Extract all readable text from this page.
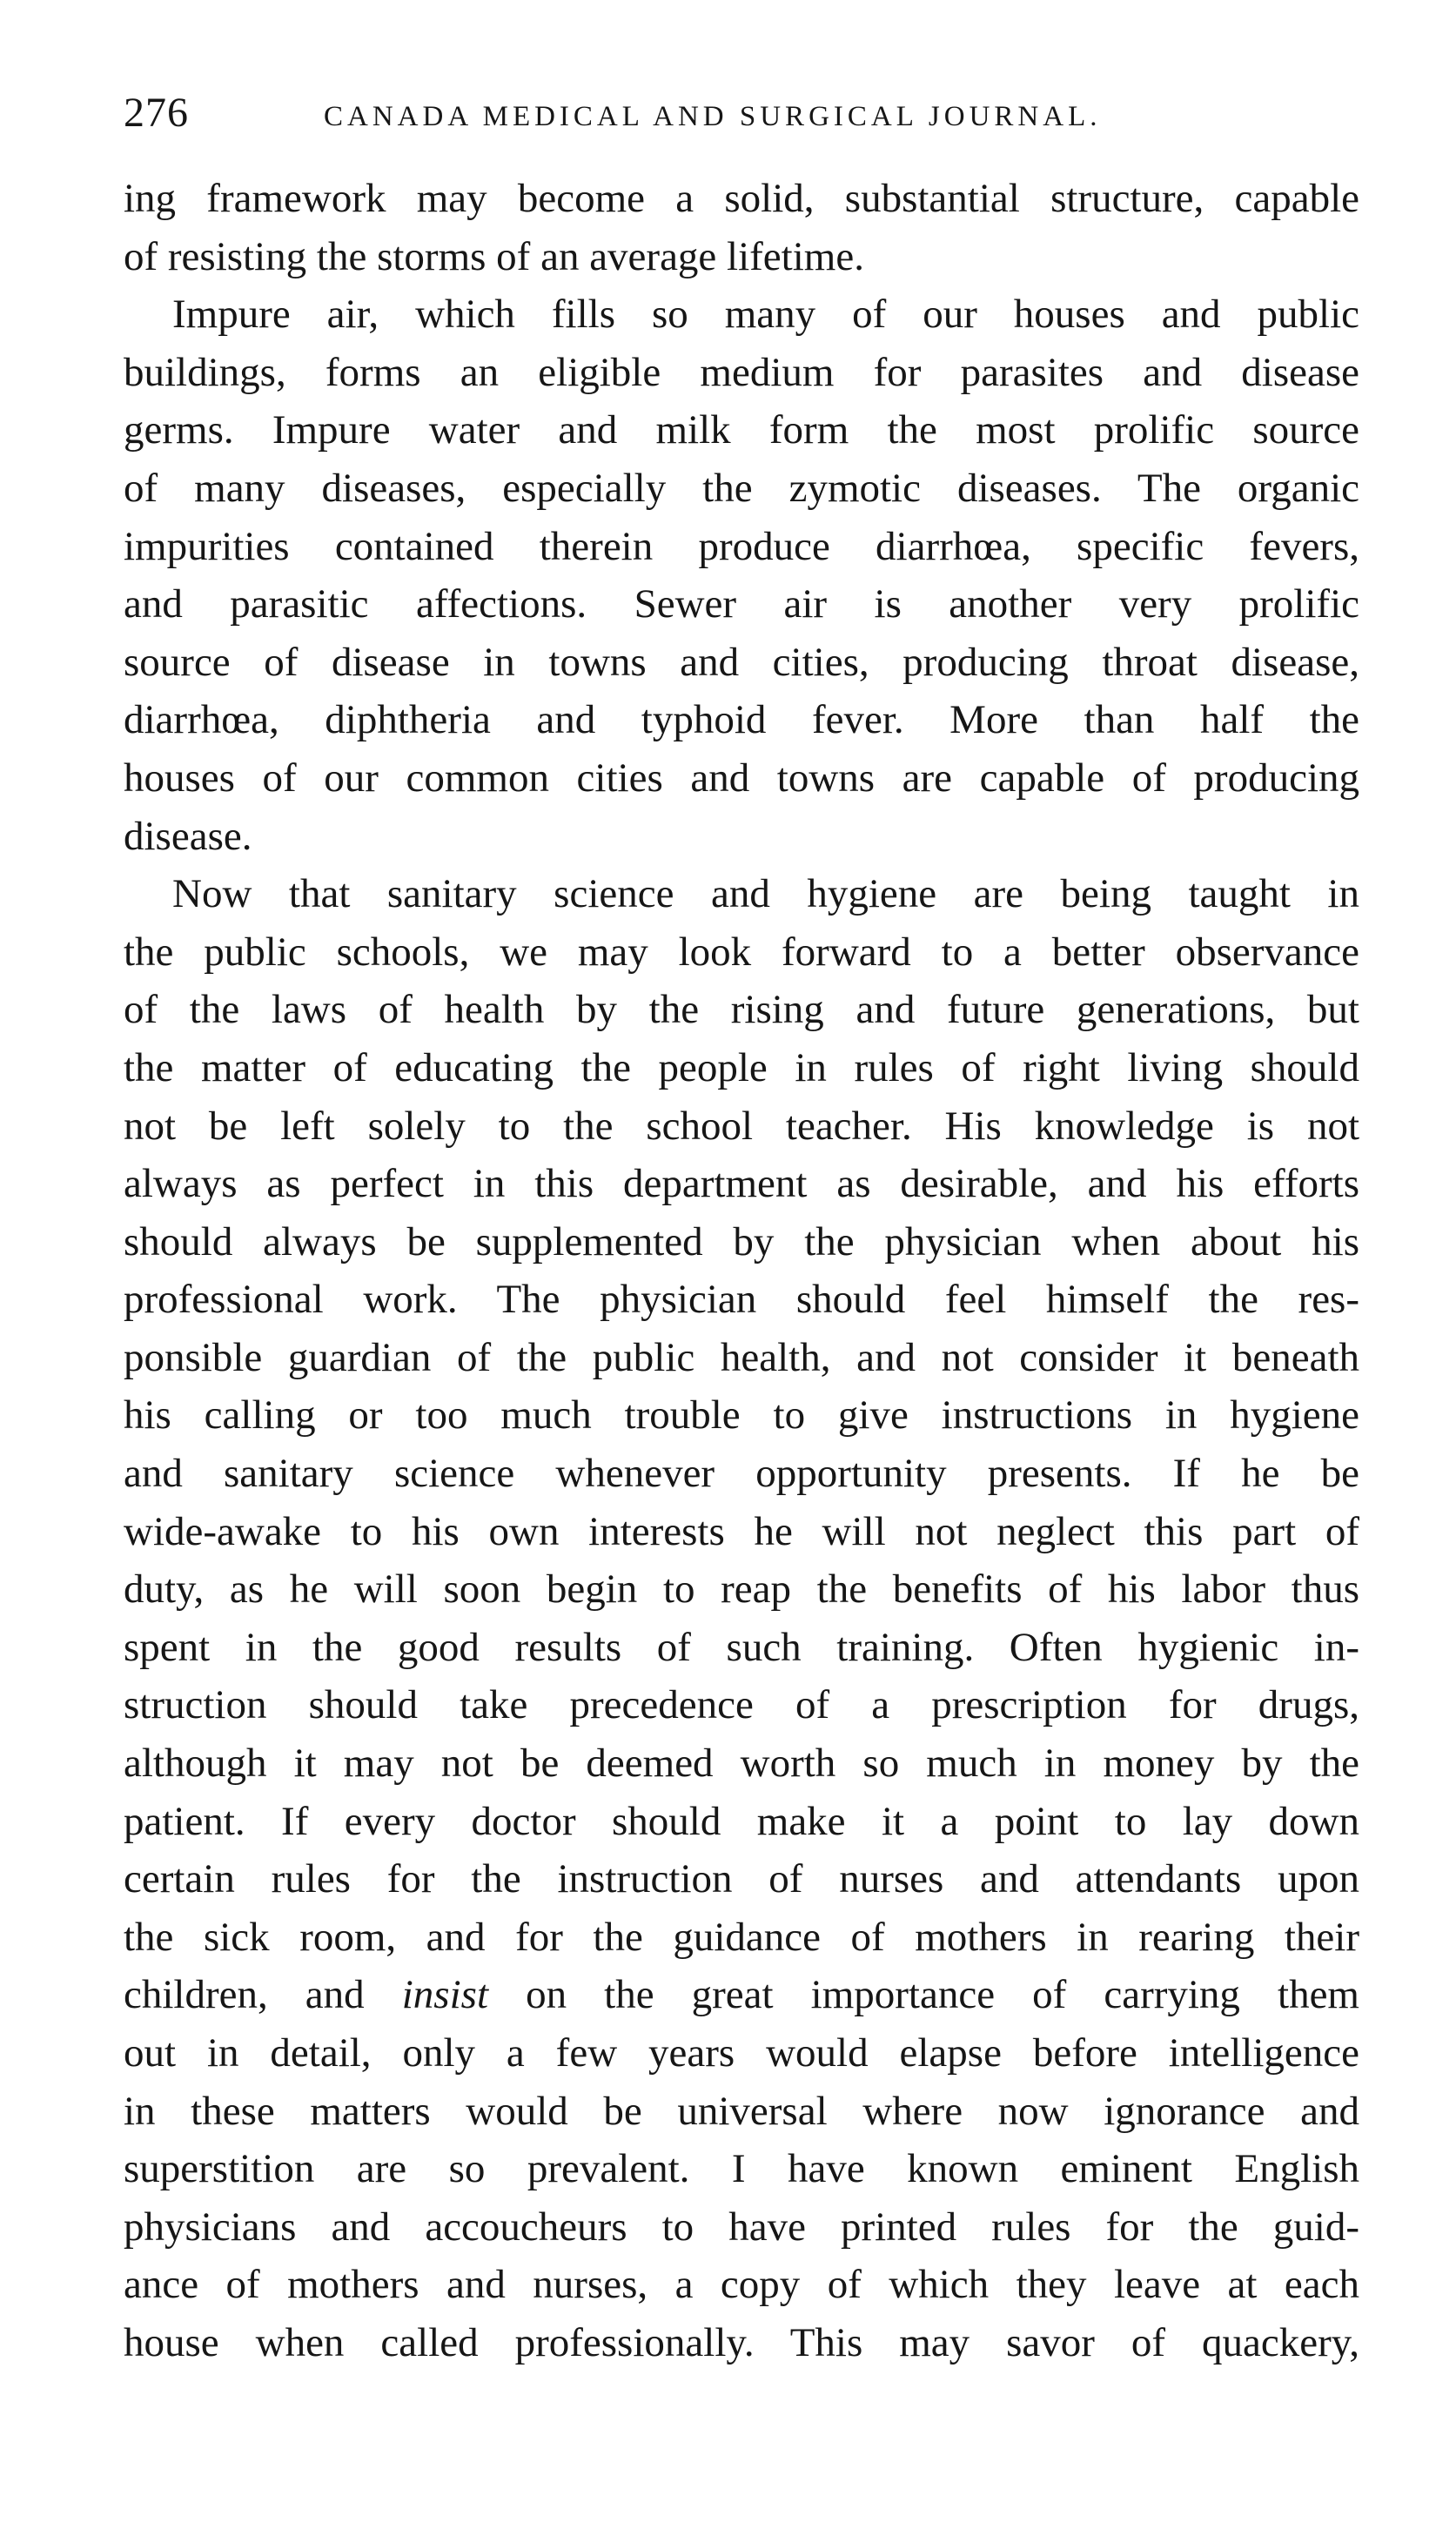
276	CANADA MEDICAL AND SURGICAL JOURNAL.
ing framework may become a solid, substantial structure, capable
of resisting the storms of an average lifetime.
Impure air, which fills so many of our houses and public
buildings, forms an eligible medium for parasites and disease
germs. Impure water and milk form the most prolific source
of many diseases, especially the zymotic diseases. The organic
impurities contained therein produce diarrhœa, specific fevers,
and parasitic affections. Sewer air is another very prolific
source of disease in towns and cities, producing throat disease,
diarrhœa, diphtheria and typhoid fever. More than half the
houses of our common cities and towns are capable of producing
disease.
Now that sanitary science and hygiene are being taught in
the public schools, we may look forward to a better observance
of the laws of health by the rising and future generations, but
the matter of educating the people in rules of right living should
not be left solely to the school teacher. His knowledge is not
always as perfect in this department as desirable, and his efforts
should always be supplemented by the physician when about his
professional work. The physician should feel himself the res-
ponsible guardian of the public health, and not consider it beneath
his calling or too much trouble to give instructions in hygiene
and sanitary science whenever opportunity presents. If he be
wide-awake to his own interests he will not neglect this part of
duty, as he will soon begin to reap the benefits of his labor thus
spent in the good results of such training. Often hygienic in-
struction should take precedence of a prescription for drugs,
although it may not be deemed worth so much in money by the
patient. If every doctor should make it a point to lay down
certain rules for the instruction of nurses and attendants upon
the sick room, and for the guidance of mothers in rearing their
children, and insist on the great importance of carrying them
out in detail, only a few years would elapse before intelligence
in these matters would be universal where now ignorance and
superstition are so prevalent. I have known eminent English
physicians and accoucheurs to have printed rules for the guid-
ance of mothers and nurses, a copy of which they leave at each
house when called professionally. This may savor of quackery,
